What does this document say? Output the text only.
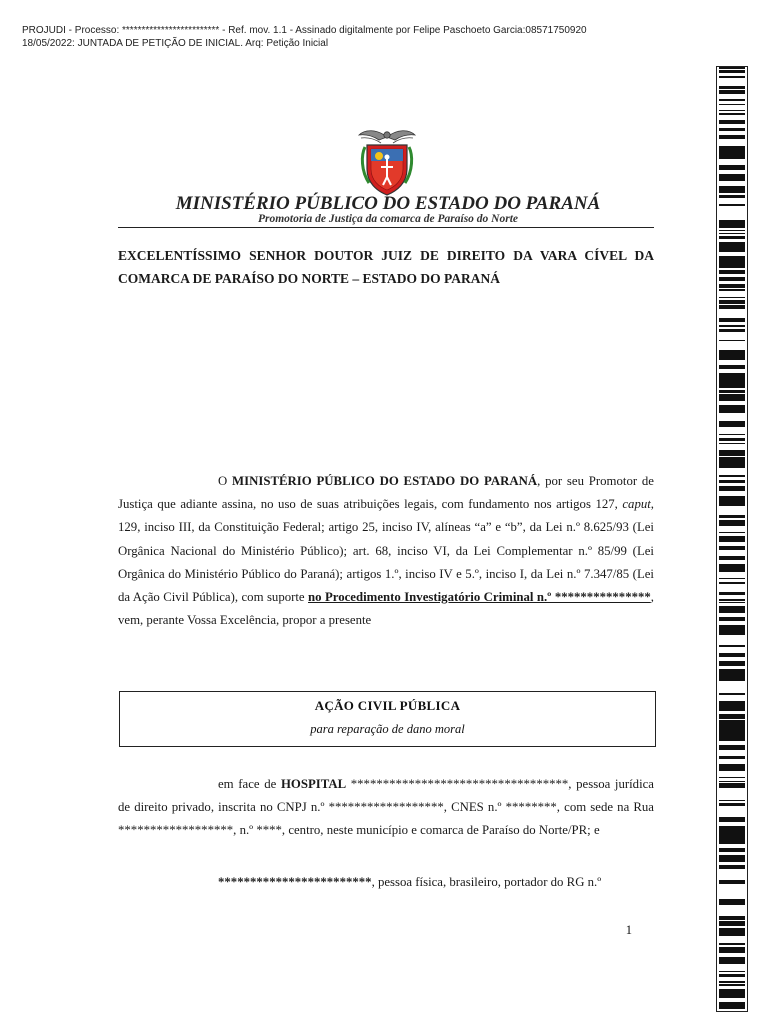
PROJUDI - Processo: ************************* - Ref. mov. 1.1 - Assinado digitalmente por Felipe Paschoeto Garcia:08571750920
18/05/2022: JUNTADA DE PETIÇÃO DE INICIAL. Arq: Petição Inicial
MINISTÉRIO PÚBLICO DO ESTADO DO PARANÁ
Promotoria de Justiça da comarca de Paraíso do Norte
EXCELENTÍSSIMO SENHOR DOUTOR JUIZ DE DIREITO DA VARA CÍVEL DA COMARCA DE PARAÍSO DO NORTE – ESTADO DO PARANÁ
O MINISTÉRIO PÚBLICO DO ESTADO DO PARANÁ, por seu Promotor de Justiça que adiante assina, no uso de suas atribuições legais, com fundamento nos artigos 127, caput, 129, inciso III, da Constituição Federal; artigo 25, inciso IV, alíneas “a” e “b”, da Lei n.º 8.625/93 (Lei Orgânica Nacional do Ministério Público); art. 68, inciso VI, da Lei Complementar n.º 85/99 (Lei Orgânica do Ministério Público do Paraná); artigos 1.º, inciso IV e 5.º, inciso I, da Lei n.º 7.347/85 (Lei da Ação Civil Pública), com suporte no Procedimento Investigatório Criminal n.º ***************, vem, perante Vossa Excelência, propor a presente
AÇÃO CIVIL PÚBLICA
para reparação de dano moral
em face de HOSPITAL **********************************, pessoa jurídica de direito privado, inscrita no CNPJ n.º ******************, CNES n.º ********, com sede na Rua ******************, n.º ****, centro, neste município e comarca de Paraíso do Norte/PR; e
************************, pessoa física, brasileiro, portador do RG n.º
1
